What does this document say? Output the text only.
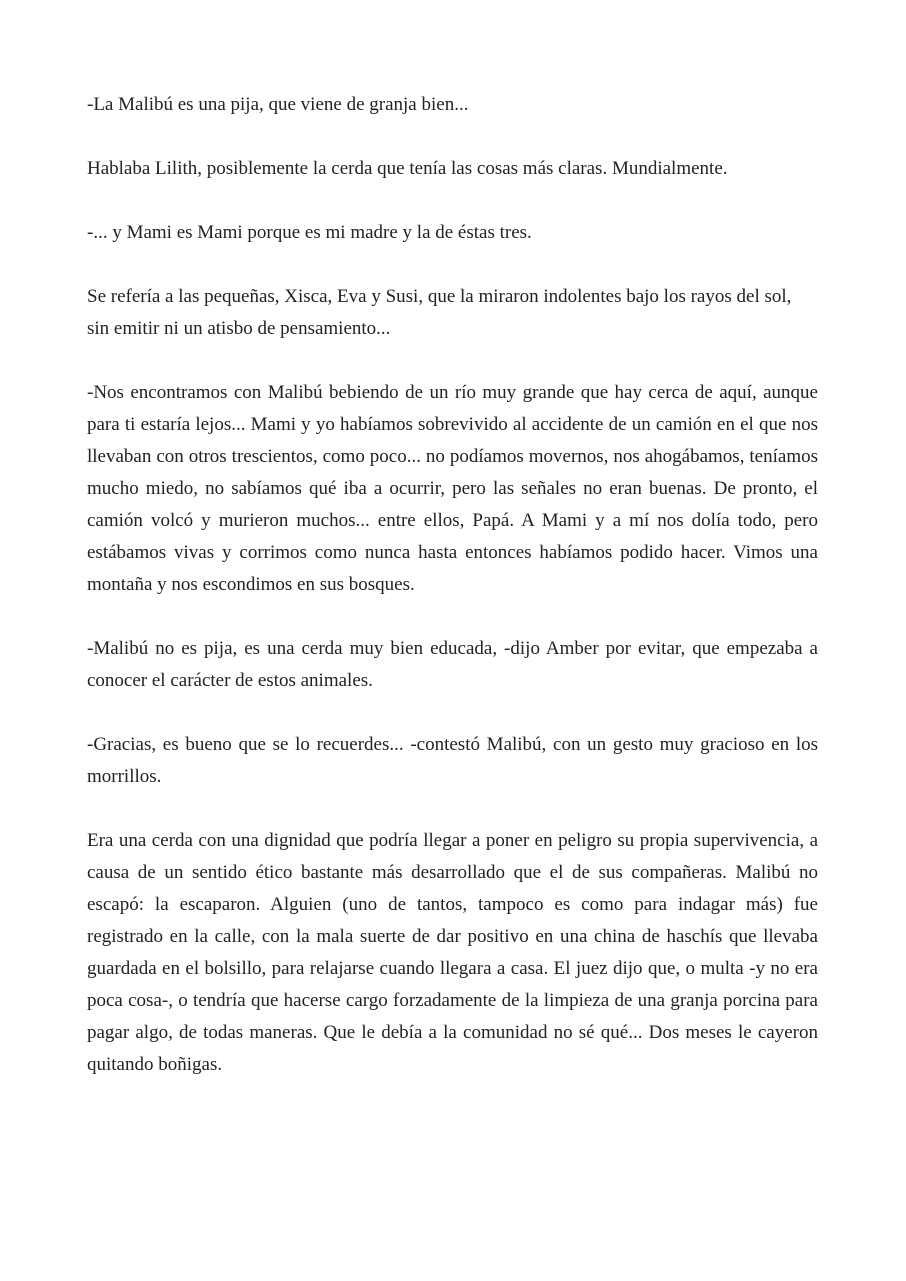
-La Malibú es una pija, que viene de granja bien...

Hablaba Lilith, posiblemente la cerda que tenía las cosas más claras. Mundialmente.

-... y Mami es Mami porque es mi madre y la de éstas tres.

Se refería a las pequeñas, Xisca, Eva y Susi, que la miraron indolentes bajo los rayos del sol, sin emitir ni un atisbo de pensamiento...

-Nos encontramos con Malibú bebiendo de un río muy grande que hay cerca de aquí, aunque para ti estaría lejos... Mami y yo habíamos sobrevivido al accidente de un camión en el que nos llevaban con otros trescientos, como poco... no podíamos movernos, nos ahogábamos, teníamos mucho miedo, no sabíamos qué iba a ocurrir, pero las señales no eran buenas. De pronto, el camión volcó y murieron muchos... entre ellos, Papá. A Mami y a mí nos dolía todo, pero estábamos vivas y corrimos como nunca hasta entonces habíamos podido hacer. Vimos una montaña y nos escondimos en sus bosques.

-Malibú no es pija, es una cerda muy bien educada, -dijo Amber por evitar, que empezaba a conocer el carácter de estos animales.

-Gracias, es bueno que se lo recuerdes... -contestó Malibú, con un gesto muy gracioso en los morrillos.

Era una cerda con una dignidad que podría llegar a poner en peligro su propia supervivencia, a causa de un sentido ético bastante más desarrollado que el de sus compañeras. Malibú no escapó: la escaparon. Alguien (uno de tantos, tampoco es como para indagar más) fue registrado en la calle, con la mala suerte de dar positivo en una china de haschís que llevaba guardada en el bolsillo, para relajarse cuando llegara a casa. El juez dijo que, o multa -y no era poca cosa-, o tendría que hacerse cargo forzadamente de la limpieza de una granja porcina para pagar algo, de todas maneras. Que le debía a la comunidad no sé qué... Dos meses le cayeron quitando boñigas.
